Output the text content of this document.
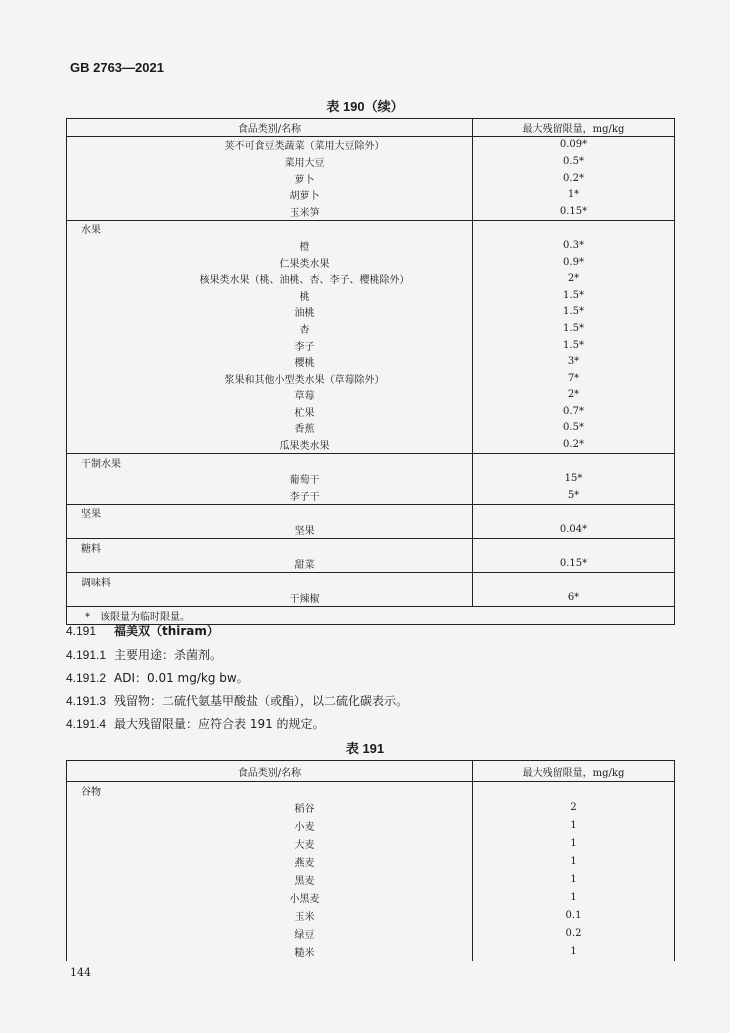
GB 2763—2021
表 190（续）
食品类别/名称	最大残留限量，mg/kg
荚不可食豆类蔬菜（菜用大豆除外）	0.09*
菜用大豆	0.5*
萝卜	0.2*
胡萝卜	1*
玉米笋	0.15*
水果	
橙	0.3*
仁果类水果	0.9*
核果类水果（桃、油桃、杏、李子、樱桃除外）	2*
桃	1.5*
油桃	1.5*
杏	1.5*
李子	1.5*
樱桃	3*
浆果和其他小型类水果（草莓除外）	7*
草莓	2*
杧果	0.7*
香蕉	0.5*
瓜果类水果	0.2*
干制水果	
葡萄干	15*
李子干	5*
坚果	
坚果	0.04*
糖料	
甜菜	0.15*
调味料	
干辣椒	6*
*　该限量为临时限量。	
4.191 福美双（thiram）
4.191.1 主要用途：杀菌剂。
4.191.2 ADI：0.01 mg/kg bw。
4.191.3 残留物：二硫代氨基甲酸盐（或酯），以二硫化碳表示。
4.191.4 最大残留限量：应符合表 191 的规定。
表 191
食品类别/名称	最大残留限量，mg/kg
谷物	
稻谷	2
小麦	1
大麦	1
燕麦	1
黑麦	1
小黑麦	1
玉米	0.1
绿豆	0.2
糙米	1
144
